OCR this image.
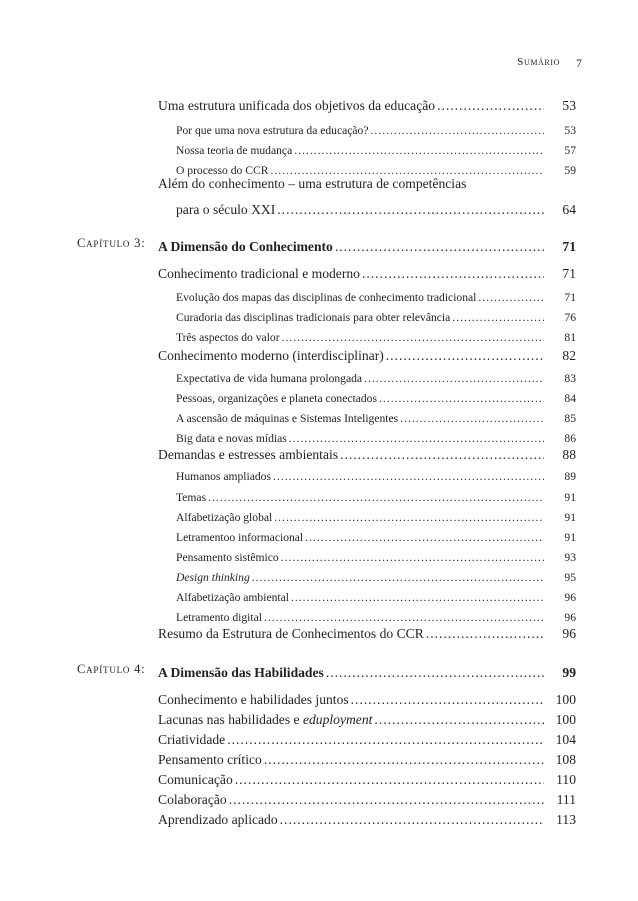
Sumário 7
Uma estrutura unificada dos objetivos da educação .....	53
Por que uma nova estrutura da educação? .....	53
Nossa teoria de mudança .....	57
O processo do CCR .....	59
Além do conhecimento – uma estrutura de competências
para o século XXI .....	64
Capítulo 3: A Dimensão do Conhecimento .....	71
Conhecimento tradicional e moderno .....	71
Evolução dos mapas das disciplinas de conhecimento tradicional .....	71
Curadoria das disciplinas tradicionais para obter relevância .....	76
Três aspectos do valor .....	81
Conhecimento moderno (interdisciplinar) .....	82
Expectativa de vida humana prolongada .....	83
Pessoas, organizações e planeta conectados .....	84
A ascensão de máquinas e Sistemas Inteligentes .....	85
Big data e novas mídias .....	86
Demandas e estresses ambientais .....	88
Humanos ampliados .....	89
Temas .....	91
Alfabetização global .....	91
Letramentoo informacional .....	91
Pensamento sistêmico .....	93
Design thinking .....	95
Alfabetização ambiental .....	96
Letramento digital .....	96
Resumo da Estrutura de Conhecimentos do CCR .....	96
Capítulo 4: A Dimensão das Habilidades .....	99
Conhecimento e habilidades juntos .....	100
Lacunas nas habilidades e eduployment .....	100
Criatividade .....	104
Pensamento crítico .....	108
Comunicação .....	110
Colaboração .....	111
Aprendizado aplicado .....	113
